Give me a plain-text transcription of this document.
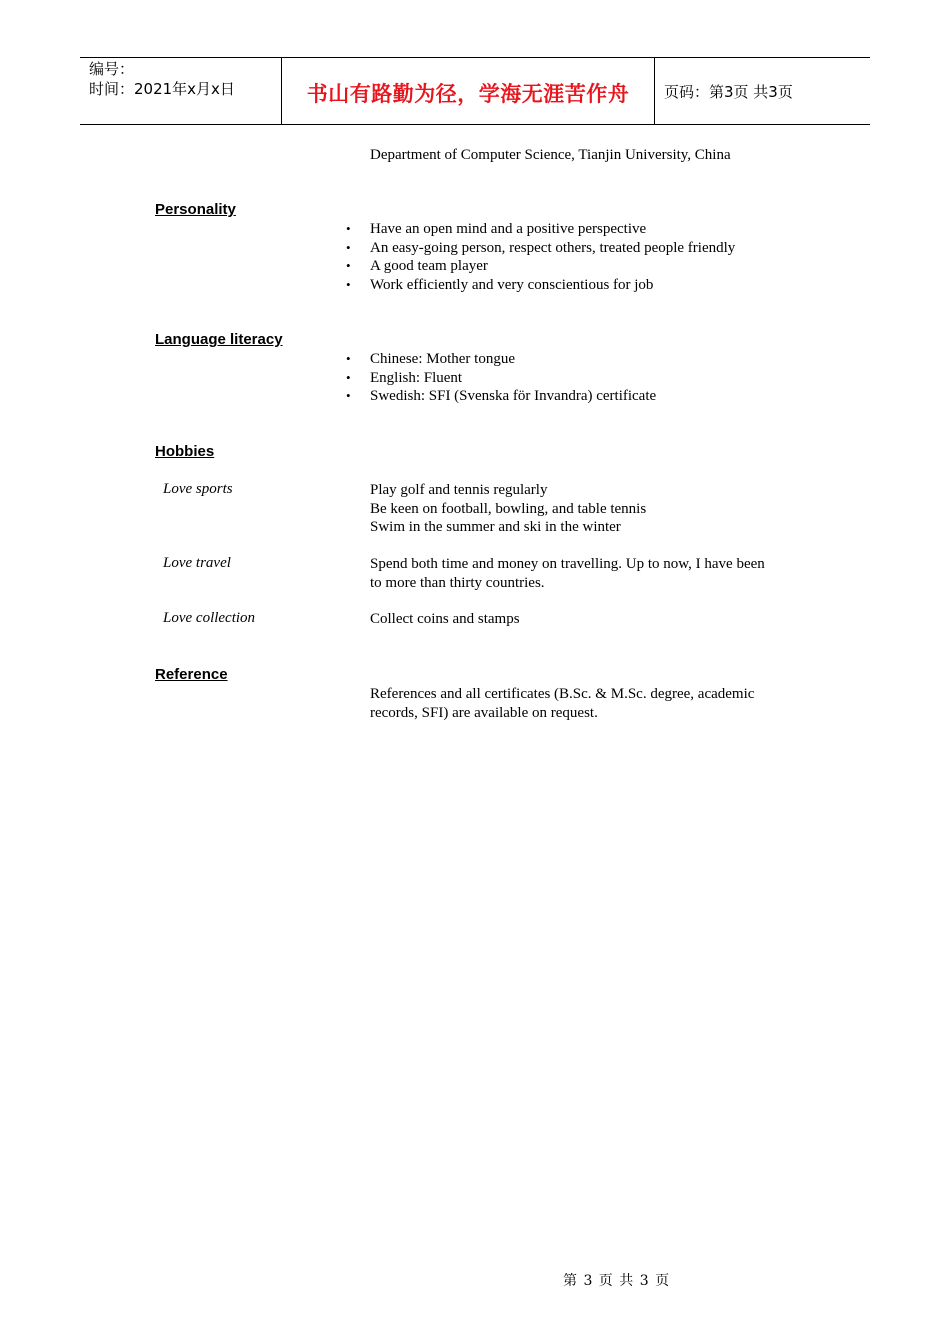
编号：
时间：2021年x月x日	书山有路勤为径，学海无涯苦作舟	页码：第3页 共3页
Department of Computer Science, Tianjin University, China
Personality
• Have an open mind and a positive perspective
• An easy-going person, respect others, treated people friendly
• A good team player
• Work efficiently and very conscientious for job
Language literacy
• Chinese: Mother tongue
• English: Fluent
• Swedish: SFI (Svenska för Invandra) certificate
Hobbies
Love sports	Play golf and tennis regularly
Be keen on football, bowling, and table tennis
Swim in the summer and ski in the winter
Love travel	Spend both time and money on travelling. Up to now, I have been
to more than thirty countries.
Love collection	Collect coins and stamps
Reference
References and all certificates (B.Sc. & M.Sc. degree, academic
records, SFI) are available on request.
第 3 页 共 3 页
